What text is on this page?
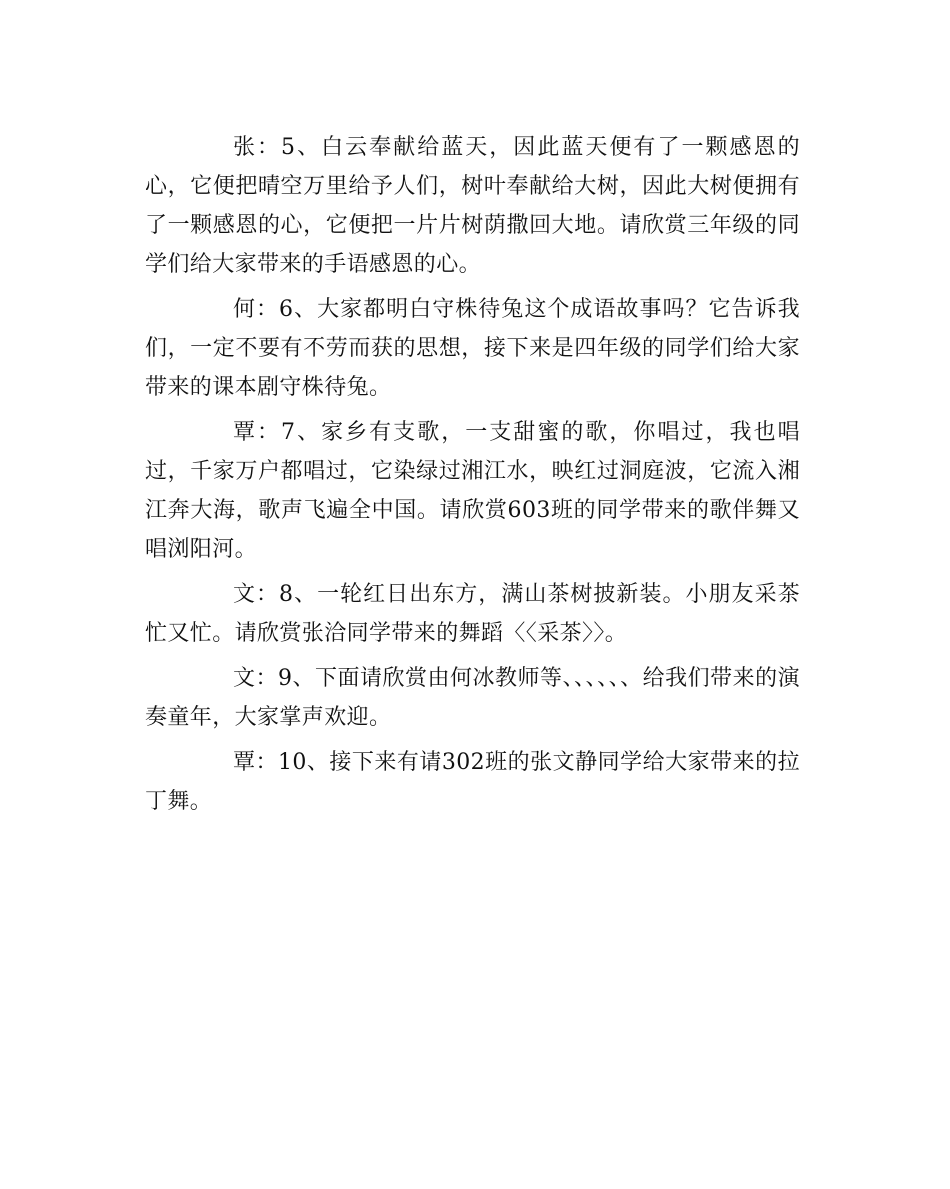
张：5、白云奉献给蓝天，因此蓝天便有了一颗感恩的心，它便把晴空万里给予人们，树叶奉献给大树，因此大树便拥有了一颗感恩的心，它便把一片片树荫撒回大地。请欣赏三年级的同学们给大家带来的手语感恩的心。

何：6、大家都明白守株待兔这个成语故事吗？它告诉我们，一定不要有不劳而获的思想，接下来是四年级的同学们给大家带来的课本剧守株待兔。

覃：7、家乡有支歌，一支甜蜜的歌，你唱过，我也唱过，千家万户都唱过，它染绿过湘江水，映红过洞庭波，它流入湘江奔大海，歌声飞遍全中国。请欣赏603班的同学带来的歌伴舞又唱浏阳河。

文：8、一轮红日出东方，满山茶树披新装。小朋友采茶忙又忙。请欣赏张洽同学带来的舞蹈〈〈采茶〉〉。

文：9、下面请欣赏由何冰教师等、、、、、、给我们带来的演奏童年，大家掌声欢迎。

覃：10、接下来有请302班的张文静同学给大家带来的拉丁舞。
